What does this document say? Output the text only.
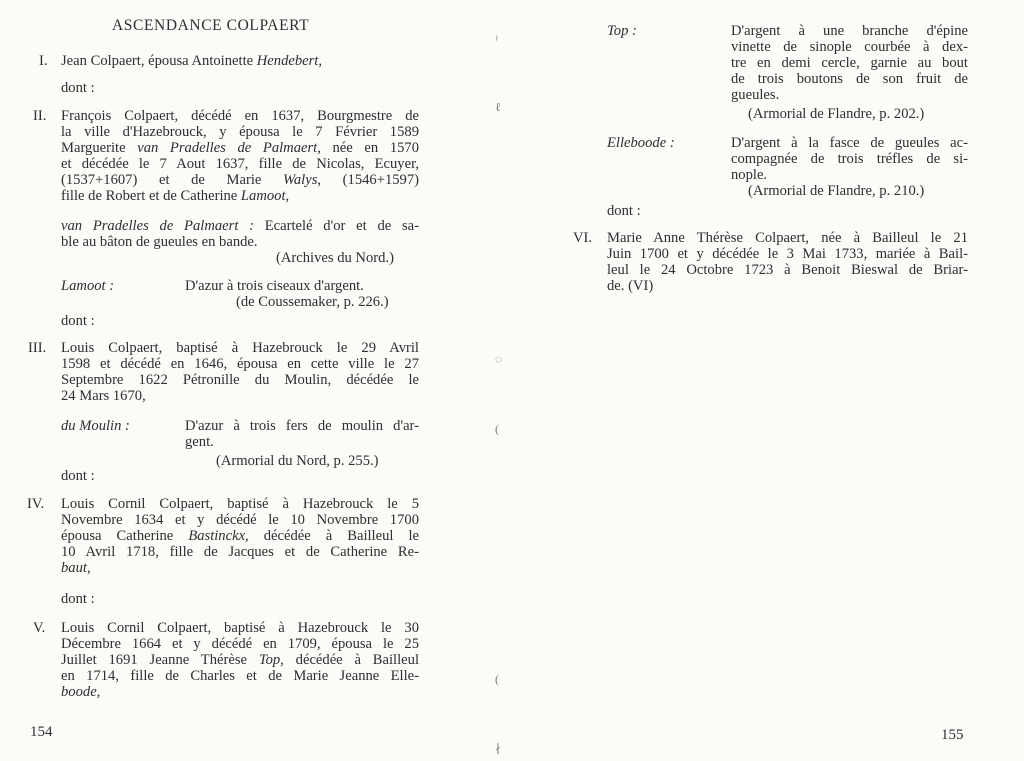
ASCENDANCE COLPAERT
I. Jean Colpaert, épousa Antoinette Hendebert,
dont :
II. François Colpaert, décédé en 1637, Bourgmestre de
la ville d'Hazebrouck, y épousa le 7 Février 1589
Marguerite van Pradelles de Palmaert, née en 1570
et décédée le 7 Aout 1637, fille de Nicolas, Ecuyer,
(1537+1607) et de Marie Walys, (1546+1597)
fille de Robert et de Catherine Lamoot,
van Pradelles de Palmaert : Ecartelé d'or et de sa-
ble au bâton de gueules en bande.
(Archives du Nord.)
Lamoot :	D'azur à trois ciseaux d'argent.
(de Coussemaker, p. 226.)
dont :
III. Louis Colpaert, baptisé à Hazebrouck le 29 Avril
1598 et décédé en 1646, épousa en cette ville le 27
Septembre 1622 Pétronille du Moulin, décédée le
24 Mars 1670,
du Moulin :	D'azur à trois fers de moulin d'ar-
gent.
(Armorial du Nord, p. 255.)
dont :
IV. Louis Cornil Colpaert, baptisé à Hazebrouck le 5
Novembre 1634 et y décédé le 10 Novembre 1700
épousa Catherine Bastinckx, décédée à Bailleul le
10 Avril 1718, fille de Jacques et de Catherine Re-
baut,
dont :
V. Louis Cornil Colpaert, baptisé à Hazebrouck le 30
Décembre 1664 et y décédé en 1709, épousa le 25
Juillet 1691 Jeanne Thérèse Top, décédée à Bailleul
en 1714, fille de Charles et de Marie Jeanne Elle-
boode,
154
⁾
ℓ
◌
(
(
∤
Top :	D'argent à une branche d'épine
vinette de sinople courbée à dex-
tre en demi cercle, garnie au bout
de trois boutons de son fruit de
gueules.
(Armorial de Flandre, p. 202.)
Elleboode :	D'argent à la fasce de gueules ac-
compagnée de trois tréfles de si-
nople.
(Armorial de Flandre, p. 210.)
dont :
VI. Marie Anne Thérèse Colpaert, née à Bailleul le 21
Juin 1700 et y décédée le 3 Mai 1733, mariée à Bail-
leul le 24 Octobre 1723 à Benoit Bieswal de Briar-
de. (VI)
155
